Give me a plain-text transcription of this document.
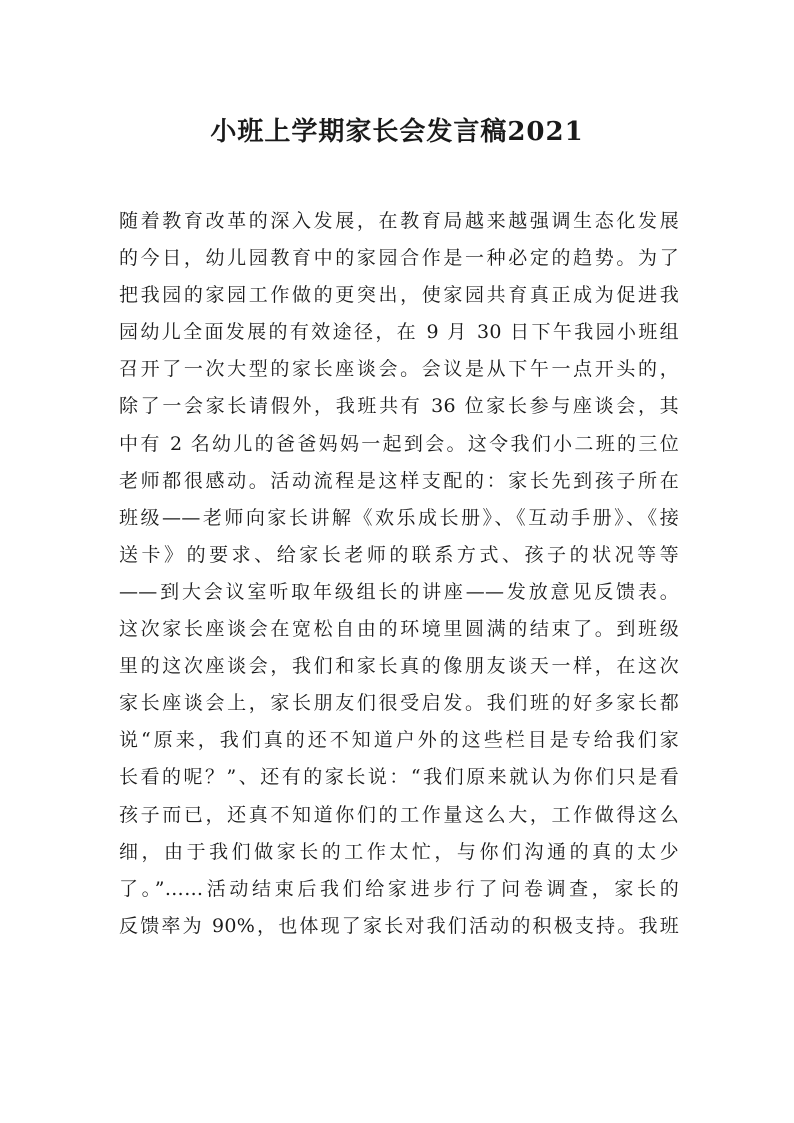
小班上学期家长会发言稿2021
随着教育改革的深入发展，在教育局越来越强调生态化发展
的今日，幼儿园教育中的家园合作是一种必定的趋势。为了
把我园的家园工作做的更突出，使家园共育真正成为促进我
园幼儿全面发展的有效途径，在 9 月 30 日下午我园小班组
召开了一次大型的家长座谈会。会议是从下午一点开头的，
除了一会家长请假外，我班共有 36 位家长参与座谈会，其
中有 2 名幼儿的爸爸妈妈一起到会。这令我们小二班的三位
老师都很感动。活动流程是这样支配的：家长先到孩子所在
班级——老师向家长讲解《欢乐成长册》、《互动手册》、《接
送卡》的要求、给家长老师的联系方式、孩子的状况等等
——到大会议室听取年级组长的讲座——发放意见反馈表。
这次家长座谈会在宽松自由的环境里圆满的结束了。到班级
里的这次座谈会，我们和家长真的像朋友谈天一样，在这次
家长座谈会上，家长朋友们很受启发。我们班的好多家长都
说“原来，我们真的还不知道户外的这些栏目是专给我们家
长看的呢？”、还有的家长说：“我们原来就认为你们只是看
孩子而已，还真不知道你们的工作量这么大，工作做得这么
细，由于我们做家长的工作太忙，与你们沟通的真的太少
了。”……活动结束后我们给家进步行了问卷调查，家长的
反馈率为 90%，也体现了家长对我们活动的积极支持。我班
